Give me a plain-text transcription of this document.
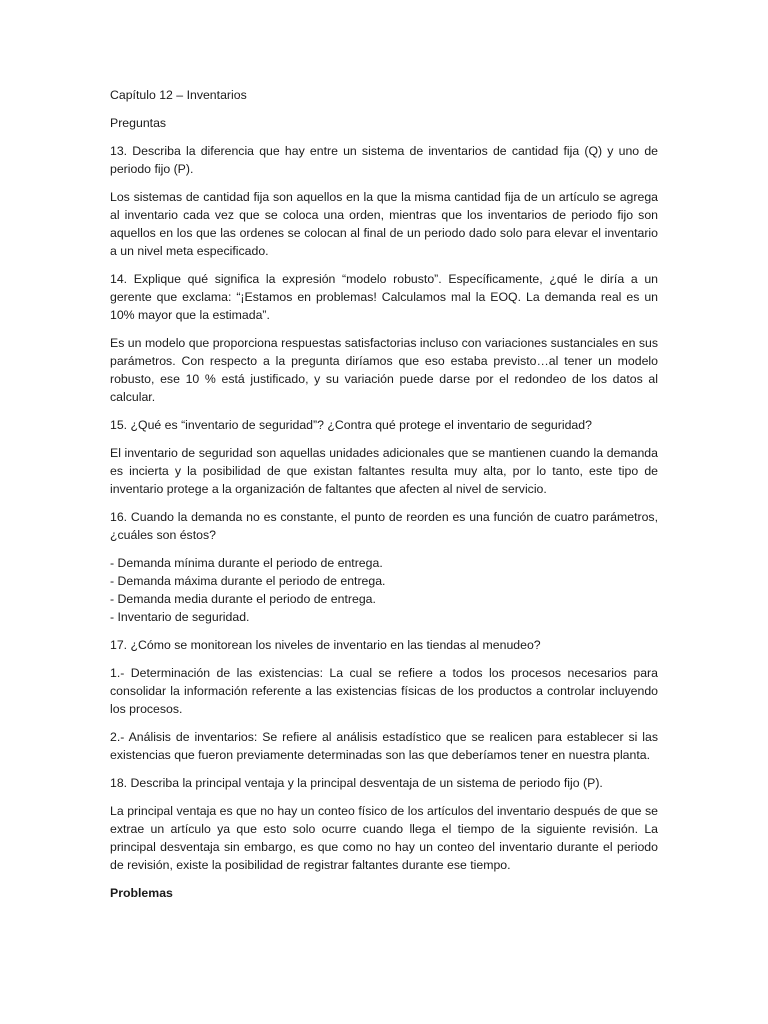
Capítulo 12 – Inventarios

Preguntas

13. Describa la diferencia que hay entre un sistema de inventarios de cantidad fija (Q) y uno de periodo fijo (P).

Los sistemas de cantidad fija son aquellos en la que la misma cantidad fija de un artículo se agrega al inventario cada vez que se coloca una orden, mientras que los inventarios de periodo fijo son aquellos en los que las ordenes se colocan al final de un periodo dado solo para elevar el inventario a un nivel meta especificado.

14. Explique qué significa la expresión “modelo robusto”. Específicamente, ¿qué le diría a un gerente que exclama: “¡Estamos en problemas! Calculamos mal la EOQ. La demanda real es un 10% mayor que la estimada”.

Es un modelo que proporciona respuestas satisfactorias incluso con variaciones sustanciales en sus parámetros. Con respecto a la pregunta diríamos que eso estaba previsto…al tener un modelo robusto, ese 10 % está justificado, y su variación puede darse por el redondeo de los datos al calcular.

15. ¿Qué es “inventario de seguridad”? ¿Contra qué protege el inventario de seguridad?

El inventario de seguridad son aquellas unidades adicionales que se mantienen cuando la demanda es incierta y la posibilidad de que existan faltantes resulta muy alta, por lo tanto, este tipo de inventario protege a la organización de faltantes que afecten al nivel de servicio.

16. Cuando la demanda no es constante, el punto de reorden es una función de cuatro parámetros, ¿cuáles son éstos?

- Demanda mínima durante el periodo de entrega.
- Demanda máxima durante el periodo de entrega.
- Demanda media durante el periodo de entrega.
- Inventario de seguridad.

17. ¿Cómo se monitorean los niveles de inventario en las tiendas al menudeo?

1.- Determinación de las existencias: La cual se refiere a todos los procesos necesarios para consolidar la información referente a las existencias físicas de los productos a controlar incluyendo los procesos.

2.- Análisis de inventarios: Se refiere al análisis estadístico que se realicen para establecer si las existencias que fueron previamente determinadas son las que deberíamos tener en nuestra planta.

18. Describa la principal ventaja y la principal desventaja de un sistema de periodo fijo (P).

La principal ventaja es que no hay un conteo físico de los artículos del inventario después de que se extrae un artículo ya que esto solo ocurre cuando llega el tiempo de la siguiente revisión. La principal desventaja sin embargo, es que como no hay un conteo del inventario durante el periodo de revisión, existe la posibilidad de registrar faltantes durante ese tiempo.

Problemas
